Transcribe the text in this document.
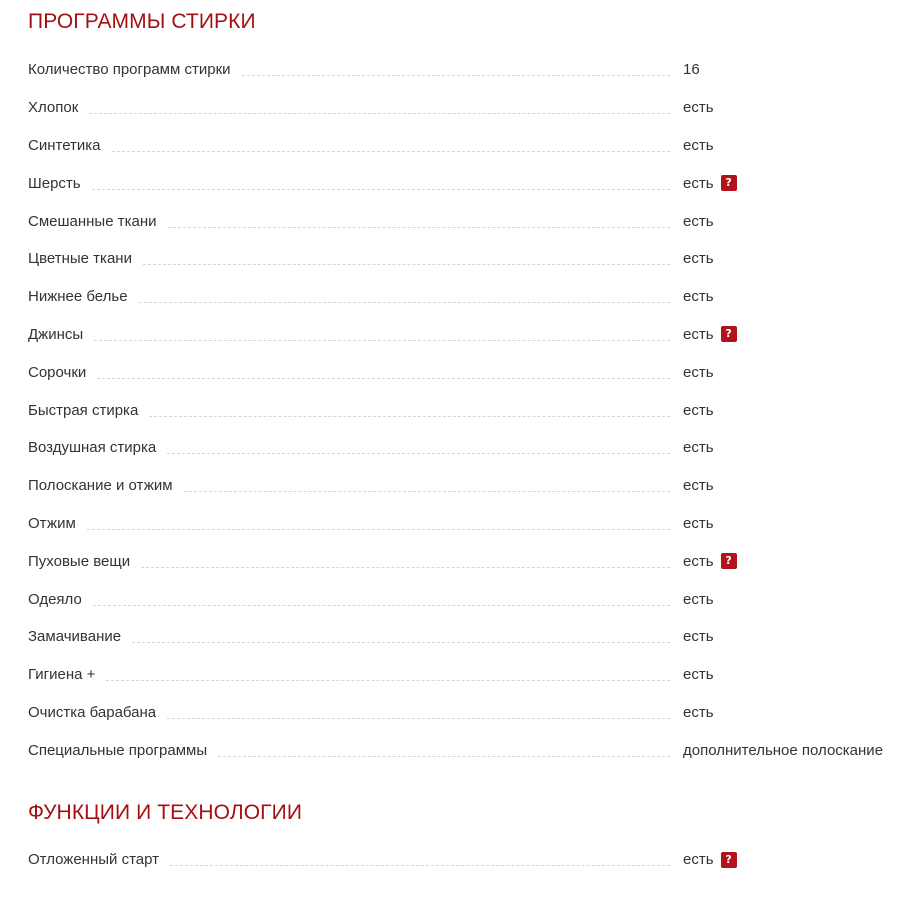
ПРОГРАММЫ СТИРКИ
Количество программ стирки	16
Хлопок	есть
Синтетика	есть
Шерсть	есть	?
Смешанные ткани	есть
Цветные ткани	есть
Нижнее белье	есть
Джинсы	есть	?
Сорочки	есть
Быстрая стирка	есть
Воздушная стирка	есть
Полоскание и отжим	есть
Отжим	есть
Пуховые вещи	есть	?
Одеяло	есть
Замачивание	есть
Гигиена +	есть
Очистка барабана	есть
Специальные программы	дополнительное полоскание
ФУНКЦИИ И ТЕХНОЛОГИИ
Отложенный старт	есть	?
